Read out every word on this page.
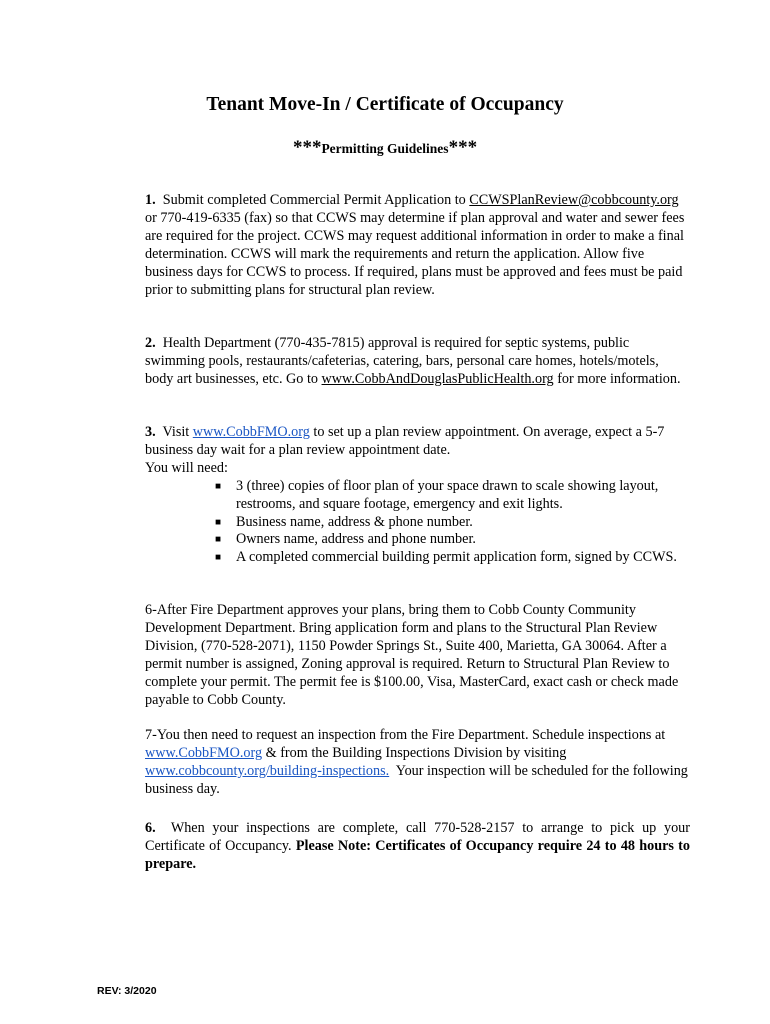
Tenant Move-In / Certificate of Occupancy
***Permitting Guidelines***

1. Submit completed Commercial Permit Application to CCWSPlanReview@cobbcounty.org or 770-419-6335 (fax) so that CCWS may determine if plan approval and water and sewer fees are required for the project. CCWS may request additional information in order to make a final determination. CCWS will mark the requirements and return the application. Allow five business days for CCWS to process. If required, plans must be approved and fees must be paid prior to submitting plans for structural plan review.

2. Health Department (770-435-7815) approval is required for septic systems, public swimming pools, restaurants/cafeterias, catering, bars, personal care homes, hotels/motels, body art businesses, etc. Go to www.CobbAndDouglasPublicHealth.org for more information.

3. Visit www.CobbFMO.org to set up a plan review appointment. On average, expect a 5-7 business day wait for a plan review appointment date.
You will need:
■ 3 (three) copies of floor plan of your space drawn to scale showing layout, restrooms, and square footage, emergency and exit lights.
■ Business name, address & phone number.
■ Owners name, address and phone number.
■ A completed commercial building permit application form, signed by CCWS.

6-After Fire Department approves your plans, bring them to Cobb County Community Development Department. Bring application form and plans to the Structural Plan Review Division, (770-528-2071), 1150 Powder Springs St., Suite 400, Marietta, GA 30064. After a permit number is assigned, Zoning approval is required. Return to Structural Plan Review to complete your permit. The permit fee is $100.00, Visa, MasterCard, exact cash or check made payable to Cobb County.

7-You then need to request an inspection from the Fire Department. Schedule inspections at www.CobbFMO.org & from the Building Inspections Division by visiting www.cobbcounty.org/building-inspections. Your inspection will be scheduled for the following business day.

6. When your inspections are complete, call 770-528-2157 to arrange to pick up your Certificate of Occupancy. Please Note: Certificates of Occupancy require 24 to 48 hours to prepare.

REV: 3/2020
